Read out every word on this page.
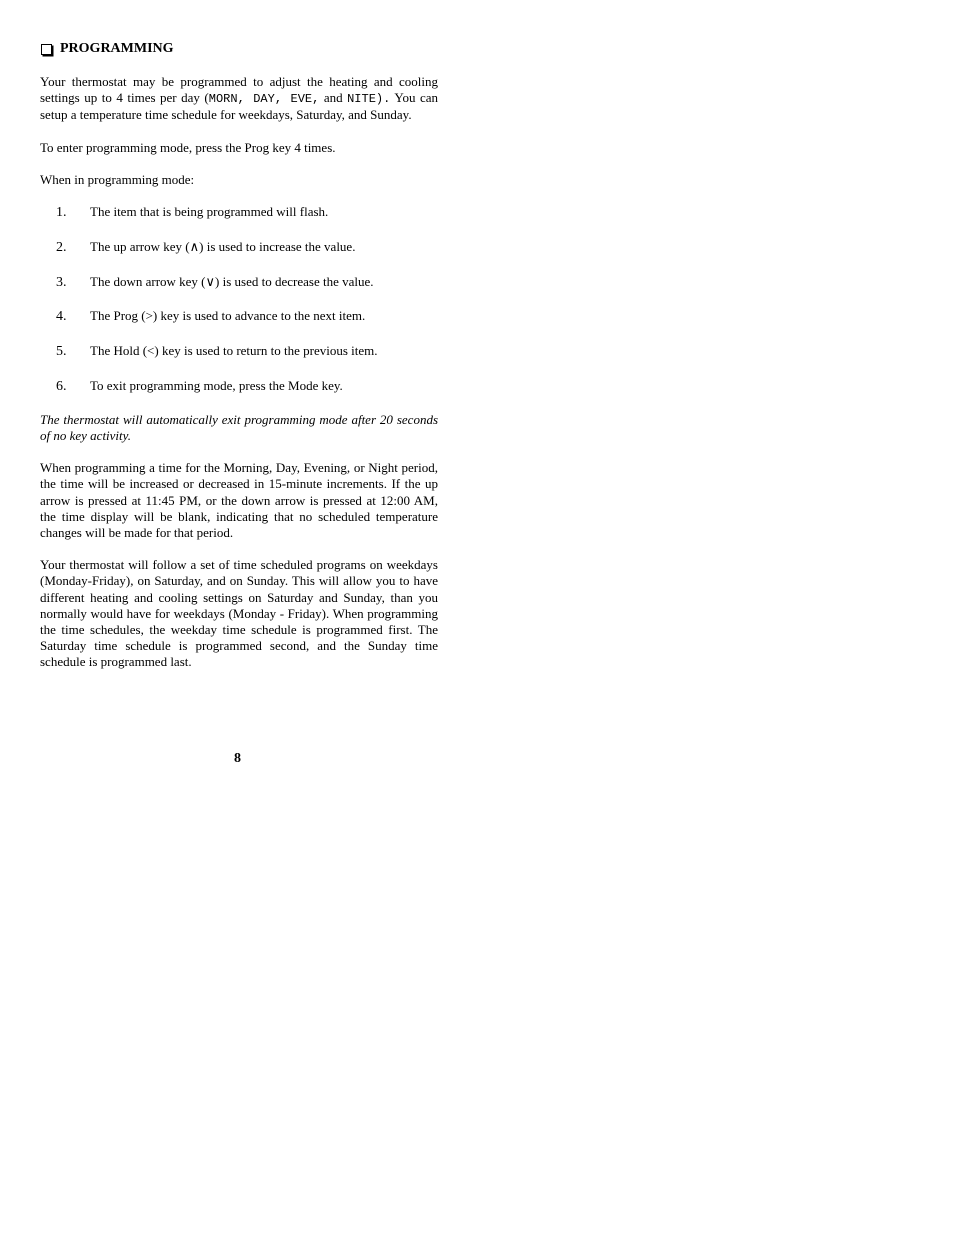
PROGRAMMING

Your thermostat may be programmed to adjust the heating and cooling settings up to 4 times per day (MORN, DAY, EVE, and NITE). You can setup a temperature time schedule for weekdays, Saturday, and Sunday.

To enter programming mode, press the Prog key 4 times.

When in programming mode:

1.	The item that is being programmed will flash.
2.	The up arrow key (∧) is used to increase the value.
3.	The down arrow key (∨) is used to decrease the value.
4.	The Prog (>) key is used to advance to the next item.
5.	The Hold (<) key is used to return to the previous item.
6.	To exit programming mode, press the Mode key.

The thermostat will automatically exit programming mode after 20 seconds of no key activity.

When programming a time for the Morning, Day, Evening, or Night period, the time will be increased or decreased in 15-minute increments. If the up arrow is pressed at 11:45 PM, or the down arrow is pressed at 12:00 AM, the time display will be blank, indicating that no scheduled temperature changes will be made for that period.

Your thermostat will follow a set of time scheduled programs on weekdays (Monday-Friday), on Saturday, and on Sunday. This will allow you to have different heating and cooling settings on Saturday and Sunday, than you normally would have for weekdays (Monday - Friday). When programming the time schedules, the weekday time schedule is programmed first. The Saturday time schedule is programmed second, and the Sunday time schedule is programmed last.

8
